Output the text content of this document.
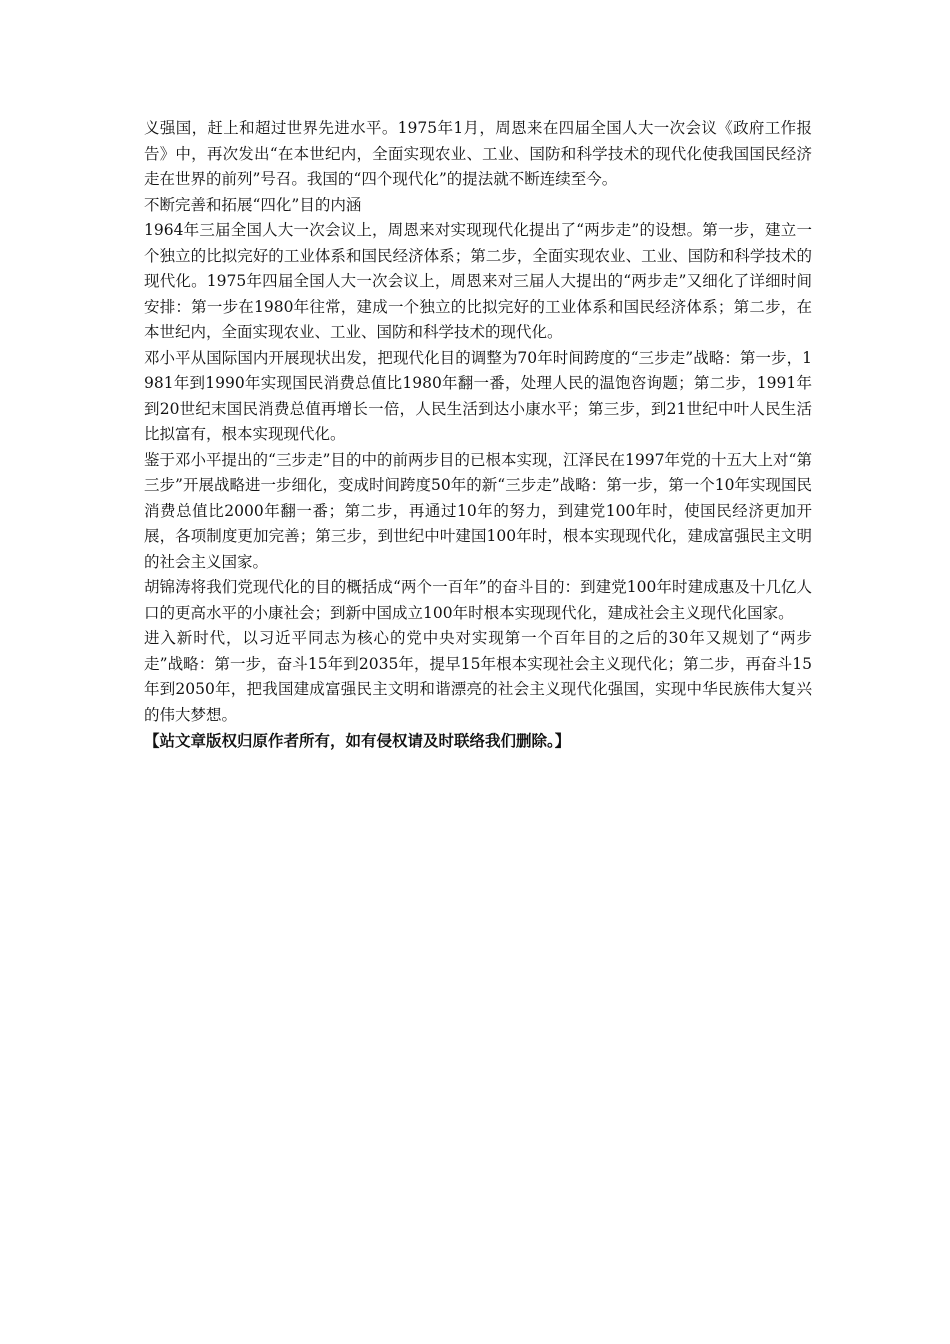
义强国，赶上和超过世界先进水平。1975年1月，周恩来在四届全国人大一次会议《政府工作报告》中，再次发出“在本世纪内，全面实现农业、工业、国防和科学技术的现代化使我国国民经济走在世界的前列”号召。我国的“四个现代化”的提法就不断连续至今。

不断完善和拓展“四化”目的内涵

1964年三届全国人大一次会议上，周恩来对实现现代化提出了“两步走”的设想。第一步，建立一个独立的比拟完好的工业体系和国民经济体系；第二步，全面实现农业、工业、国防和科学技术的现代化。1975年四届全国人大一次会议上，周恩来对三届人大提出的“两步走”又细化了详细时间安排：第一步在1980年往常，建成一个独立的比拟完好的工业体系和国民经济体系；第二步，在本世纪内，全面实现农业、工业、国防和科学技术的现代化。

邓小平从国际国内开展现状出发，把现代化目的调整为70年时间跨度的“三步走”战略：第一步，1981年到1990年实现国民消费总值比1980年翻一番，处理人民的温饱咨询题；第二步，1991年到20世纪末国民消费总值再增长一倍，人民生活到达小康水平；第三步，到21世纪中叶人民生活比拟富有，根本实现现代化。

鉴于邓小平提出的“三步走”目的中的前两步目的已根本实现，江泽民在1997年党的十五大上对“第三步”开展战略进一步细化，变成时间跨度50年的新“三步走”战略：第一步，第一个10年实现国民消费总值比2000年翻一番；第二步，再通过10年的努力，到建党100年时，使国民经济更加开展，各项制度更加完善；第三步，到世纪中叶建国100年时，根本实现现代化，建成富强民主文明的社会主义国家。

胡锦涛将我们党现代化的目的概括成“两个一百年”的奋斗目的：到建党100年时建成惠及十几亿人口的更高水平的小康社会；到新中国成立100年时根本实现现代化，建成社会主义现代化国家。

进入新时代，以习近平同志为核心的党中央对实现第一个百年目的之后的30年又规划了“两步走”战略：第一步，奋斗15年到2035年，提早15年根本实现社会主义现代化；第二步，再奋斗15年到2050年，把我国建成富强民主文明和谐漂亮的社会主义现代化强国，实现中华民族伟大复兴的伟大梦想。

【站文章版权归原作者所有，如有侵权请及时联络我们删除。】
